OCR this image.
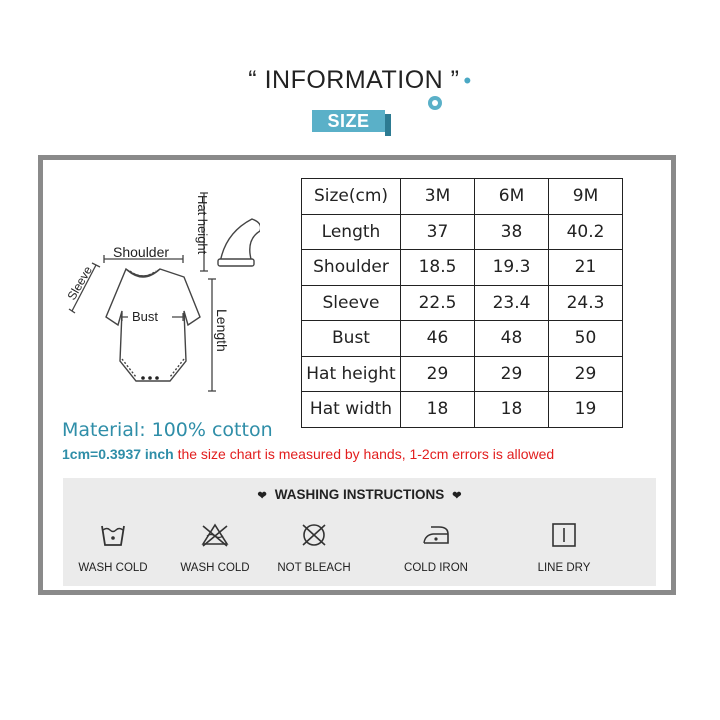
“ INFORMATION ” •
SIZE
Hat height
Shoulder
Sleeve
Bust	Length
Size(cm)	3M	6M	9M
Length	37	38	40.2
Shoulder	18.5	19.3	21
Sleeve	22.5	23.4	24.3
Bust	46	48	50
Hat height	29	29	29
Hat width	18	18	19
Material: 100% cotton
1cm=0.3937 inch the size chart is measured by hands, 1-2cm errors is allowed
❤ WASHING INSTRUCTIONS ❤
WASH COLD	WASH COLD	NOT BLEACH	COLD IRON	LINE DRY
